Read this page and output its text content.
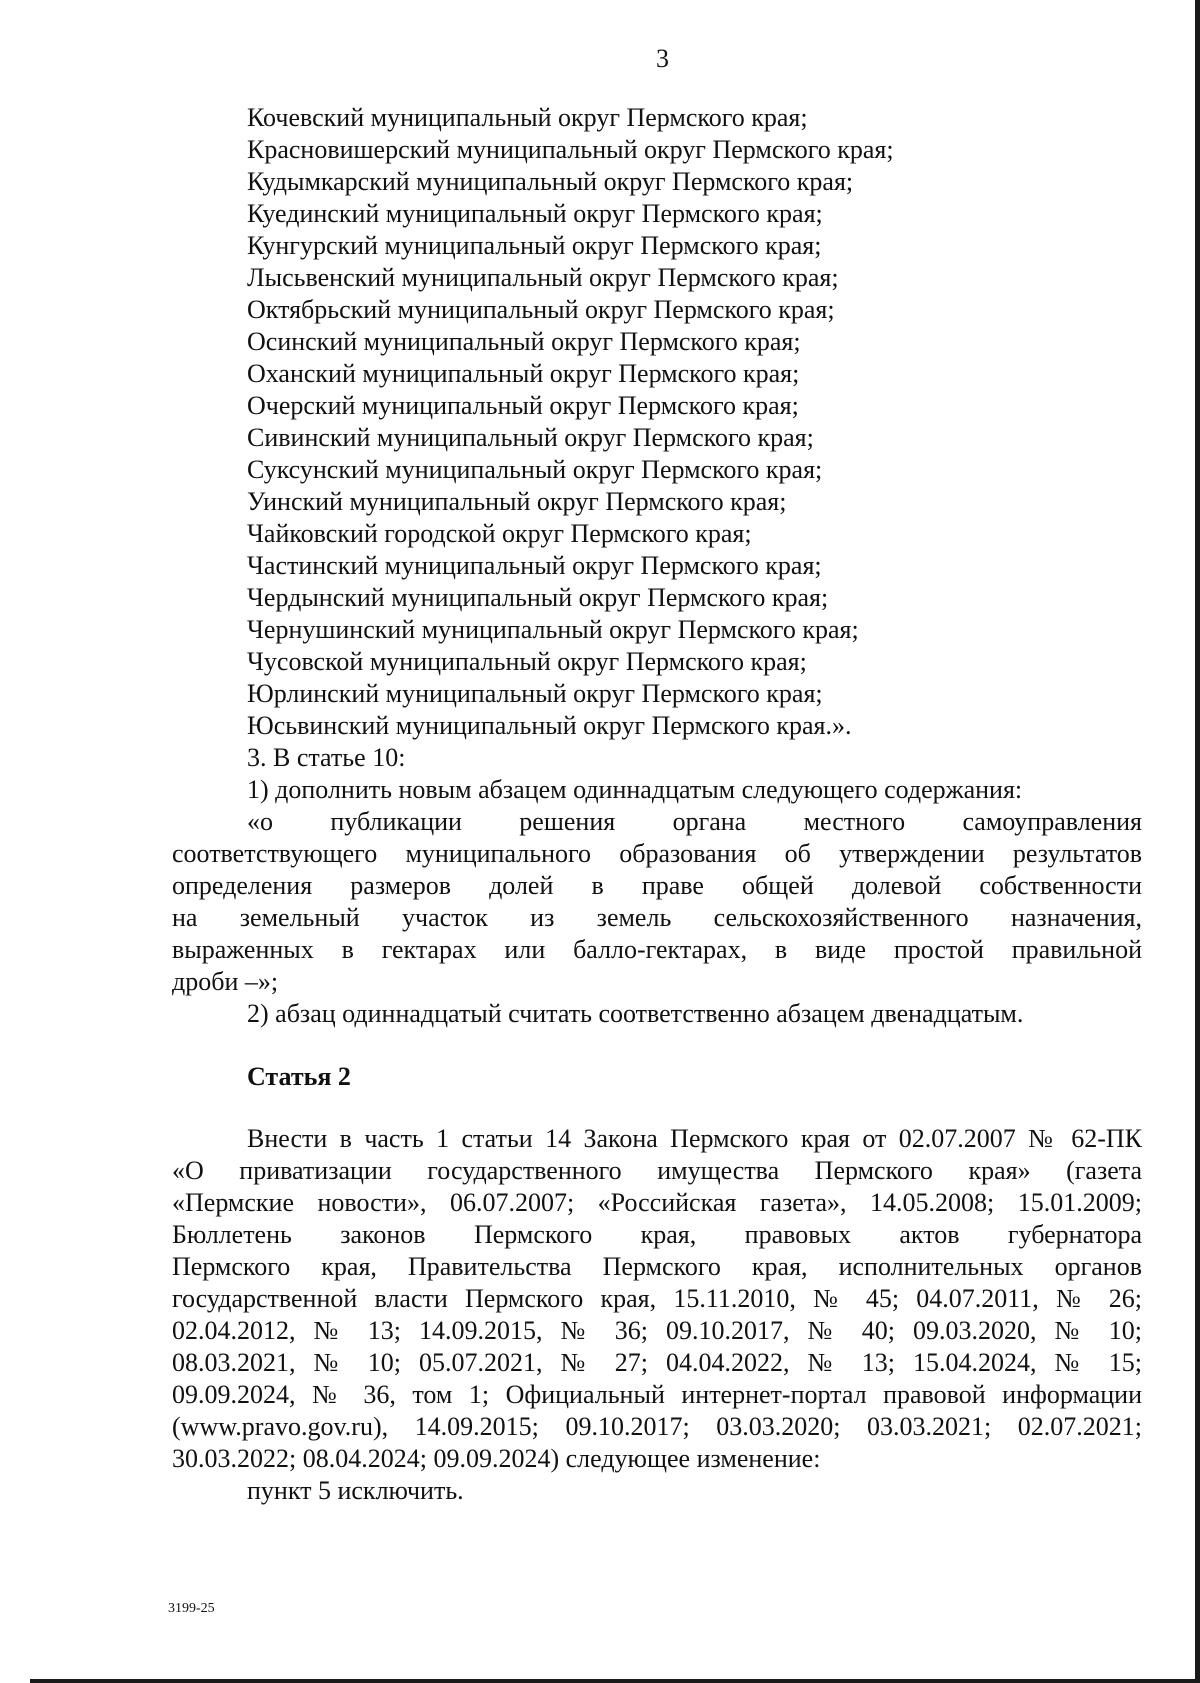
3
Кочевский муниципальный округ Пермского края;
Красновишерский муниципальный округ Пермского края;
Кудымкарский муниципальный округ Пермского края;
Куединский муниципальный округ Пермского края;
Кунгурский муниципальный округ Пермского края;
Лысьвенский муниципальный округ Пермского края;
Октябрьский муниципальный округ Пермского края;
Осинский муниципальный округ Пермского края;
Оханский муниципальный округ Пермского края;
Очерский муниципальный округ Пермского края;
Сивинский муниципальный округ Пермского края;
Суксунский муниципальный округ Пермского края;
Уинский муниципальный округ Пермского края;
Чайковский городской округ Пермского края;
Частинский муниципальный округ Пермского края;
Чердынский муниципальный округ Пермского края;
Чернушинский муниципальный округ Пермского края;
Чусовской муниципальный округ Пермского края;
Юрлинский муниципальный округ Пермского края;
Юсьвинский муниципальный округ Пермского края.».
3. В статье 10:
1) дополнить новым абзацем одиннадцатым следующего содержания:
«о публикации решения органа местного самоуправления
соответствующего муниципального образования об утверждении результатов
определения размеров долей в праве общей долевой собственности
на земельный участок из земель сельскохозяйственного назначения,
выраженных в гектарах или балло-гектарах, в виде простой правильной
дроби –»;
2) абзац одиннадцатый считать соответственно абзацем двенадцатым.
Статья 2
Внести в часть 1 статьи 14 Закона Пермского края от 02.07.2007 № 62-ПК
«О приватизации государственного имущества Пермского края» (газета
«Пермские новости», 06.07.2007; «Российская газета», 14.05.2008; 15.01.2009;
Бюллетень законов Пермского края, правовых актов губернатора
Пермского края, Правительства Пермского края, исполнительных органов
государственной власти Пермского края, 15.11.2010, № 45; 04.07.2011, № 26;
02.04.2012, № 13; 14.09.2015, № 36; 09.10.2017, № 40; 09.03.2020, № 10;
08.03.2021, № 10; 05.07.2021, № 27; 04.04.2022, № 13; 15.04.2024, № 15;
09.09.2024, № 36, том 1; Официальный интернет-портал правовой информации
(www.pravo.gov.ru), 14.09.2015; 09.10.2017; 03.03.2020; 03.03.2021; 02.07.2021;
30.03.2022; 08.04.2024; 09.09.2024) следующее изменение:
пункт 5 исключить.
3199-25
